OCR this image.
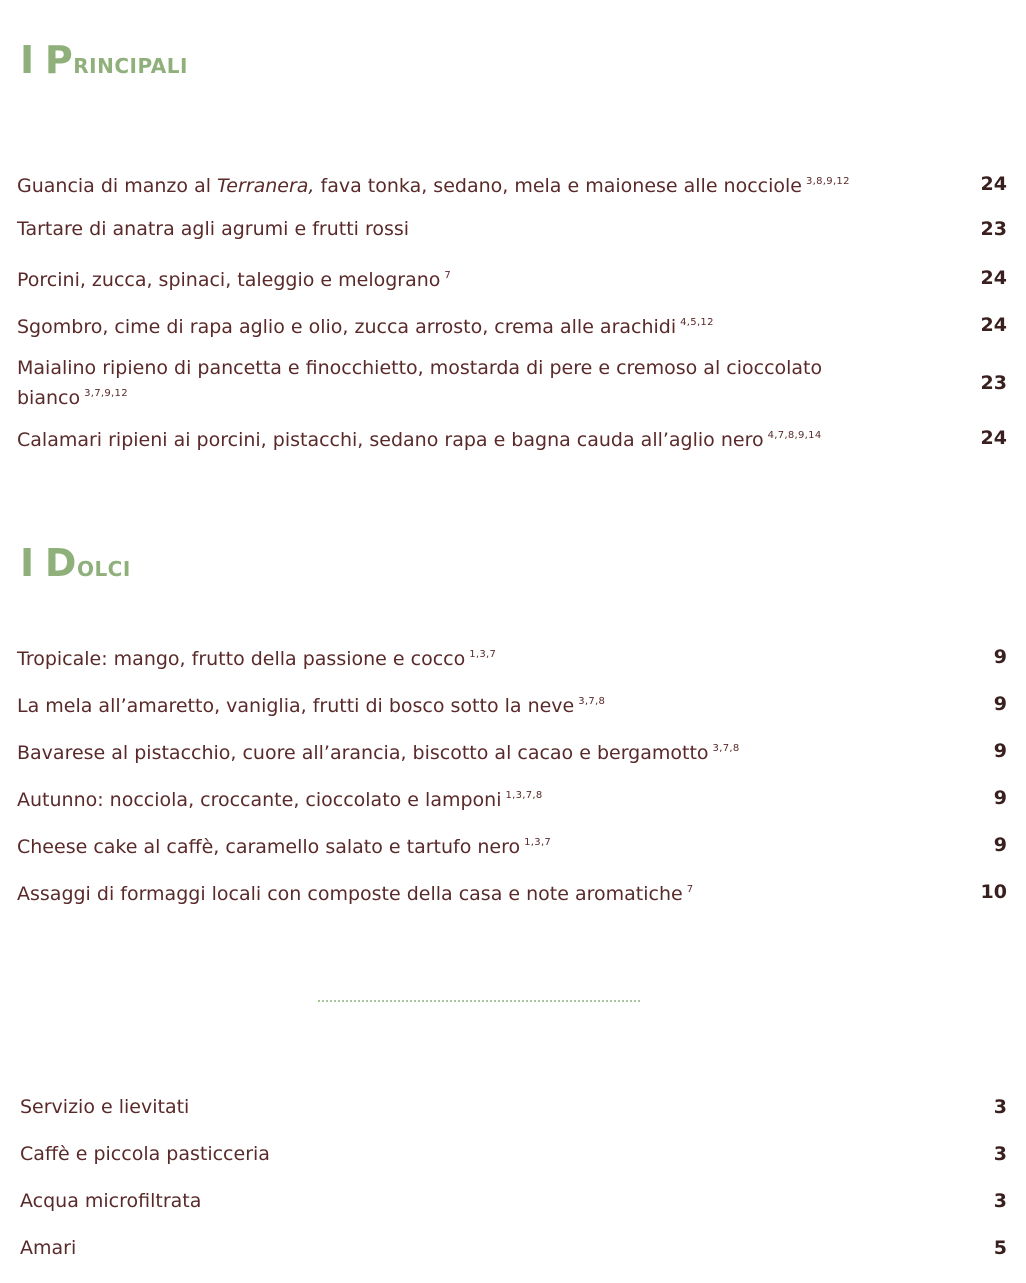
I Principali
Guancia di manzo al Terranera, fava tonka, sedano, mela e maionese alle nocciole $^{3,8,9,12}$	24
Tartare di anatra agli agrumi e frutti rossi	23
Porcini, zucca, spinaci, taleggio e melograno $^7$	24
Sgombro, cime di rapa aglio e olio, zucca arrosto, crema alle arachidi $^{4,5,12}$	24
Maialino ripieno di pancetta e finocchietto, mostarda di pere e cremoso al cioccolato bianco $^{3,7,9,12}$	23
Calamari ripieni ai porcini, pistacchi, sedano rapa e bagna cauda all’aglio nero $^{4,7,8,9,14}$	24
I Dolci
Tropicale: mango, frutto della passione e cocco $^{1,3,7}$	9
La mela all’amaretto, vaniglia, frutti di bosco sotto la neve $^{3,7,8}$	9
Bavarese al pistacchio, cuore all’arancia, biscotto al cacao e bergamotto $^{3,7,8}$	9
Autunno: nocciola, croccante, cioccolato e lamponi $^{1,3,7,8}$	9
Cheese cake al caffè, caramello salato e tartufo nero $^{1,3,7}$	9
Assaggi di formaggi locali con composte della casa e note aromatiche $^7$	10
Servizio e lievitati	3
Caffè e piccola pasticceria	3
Acqua microfiltrata	3
Amari	5
